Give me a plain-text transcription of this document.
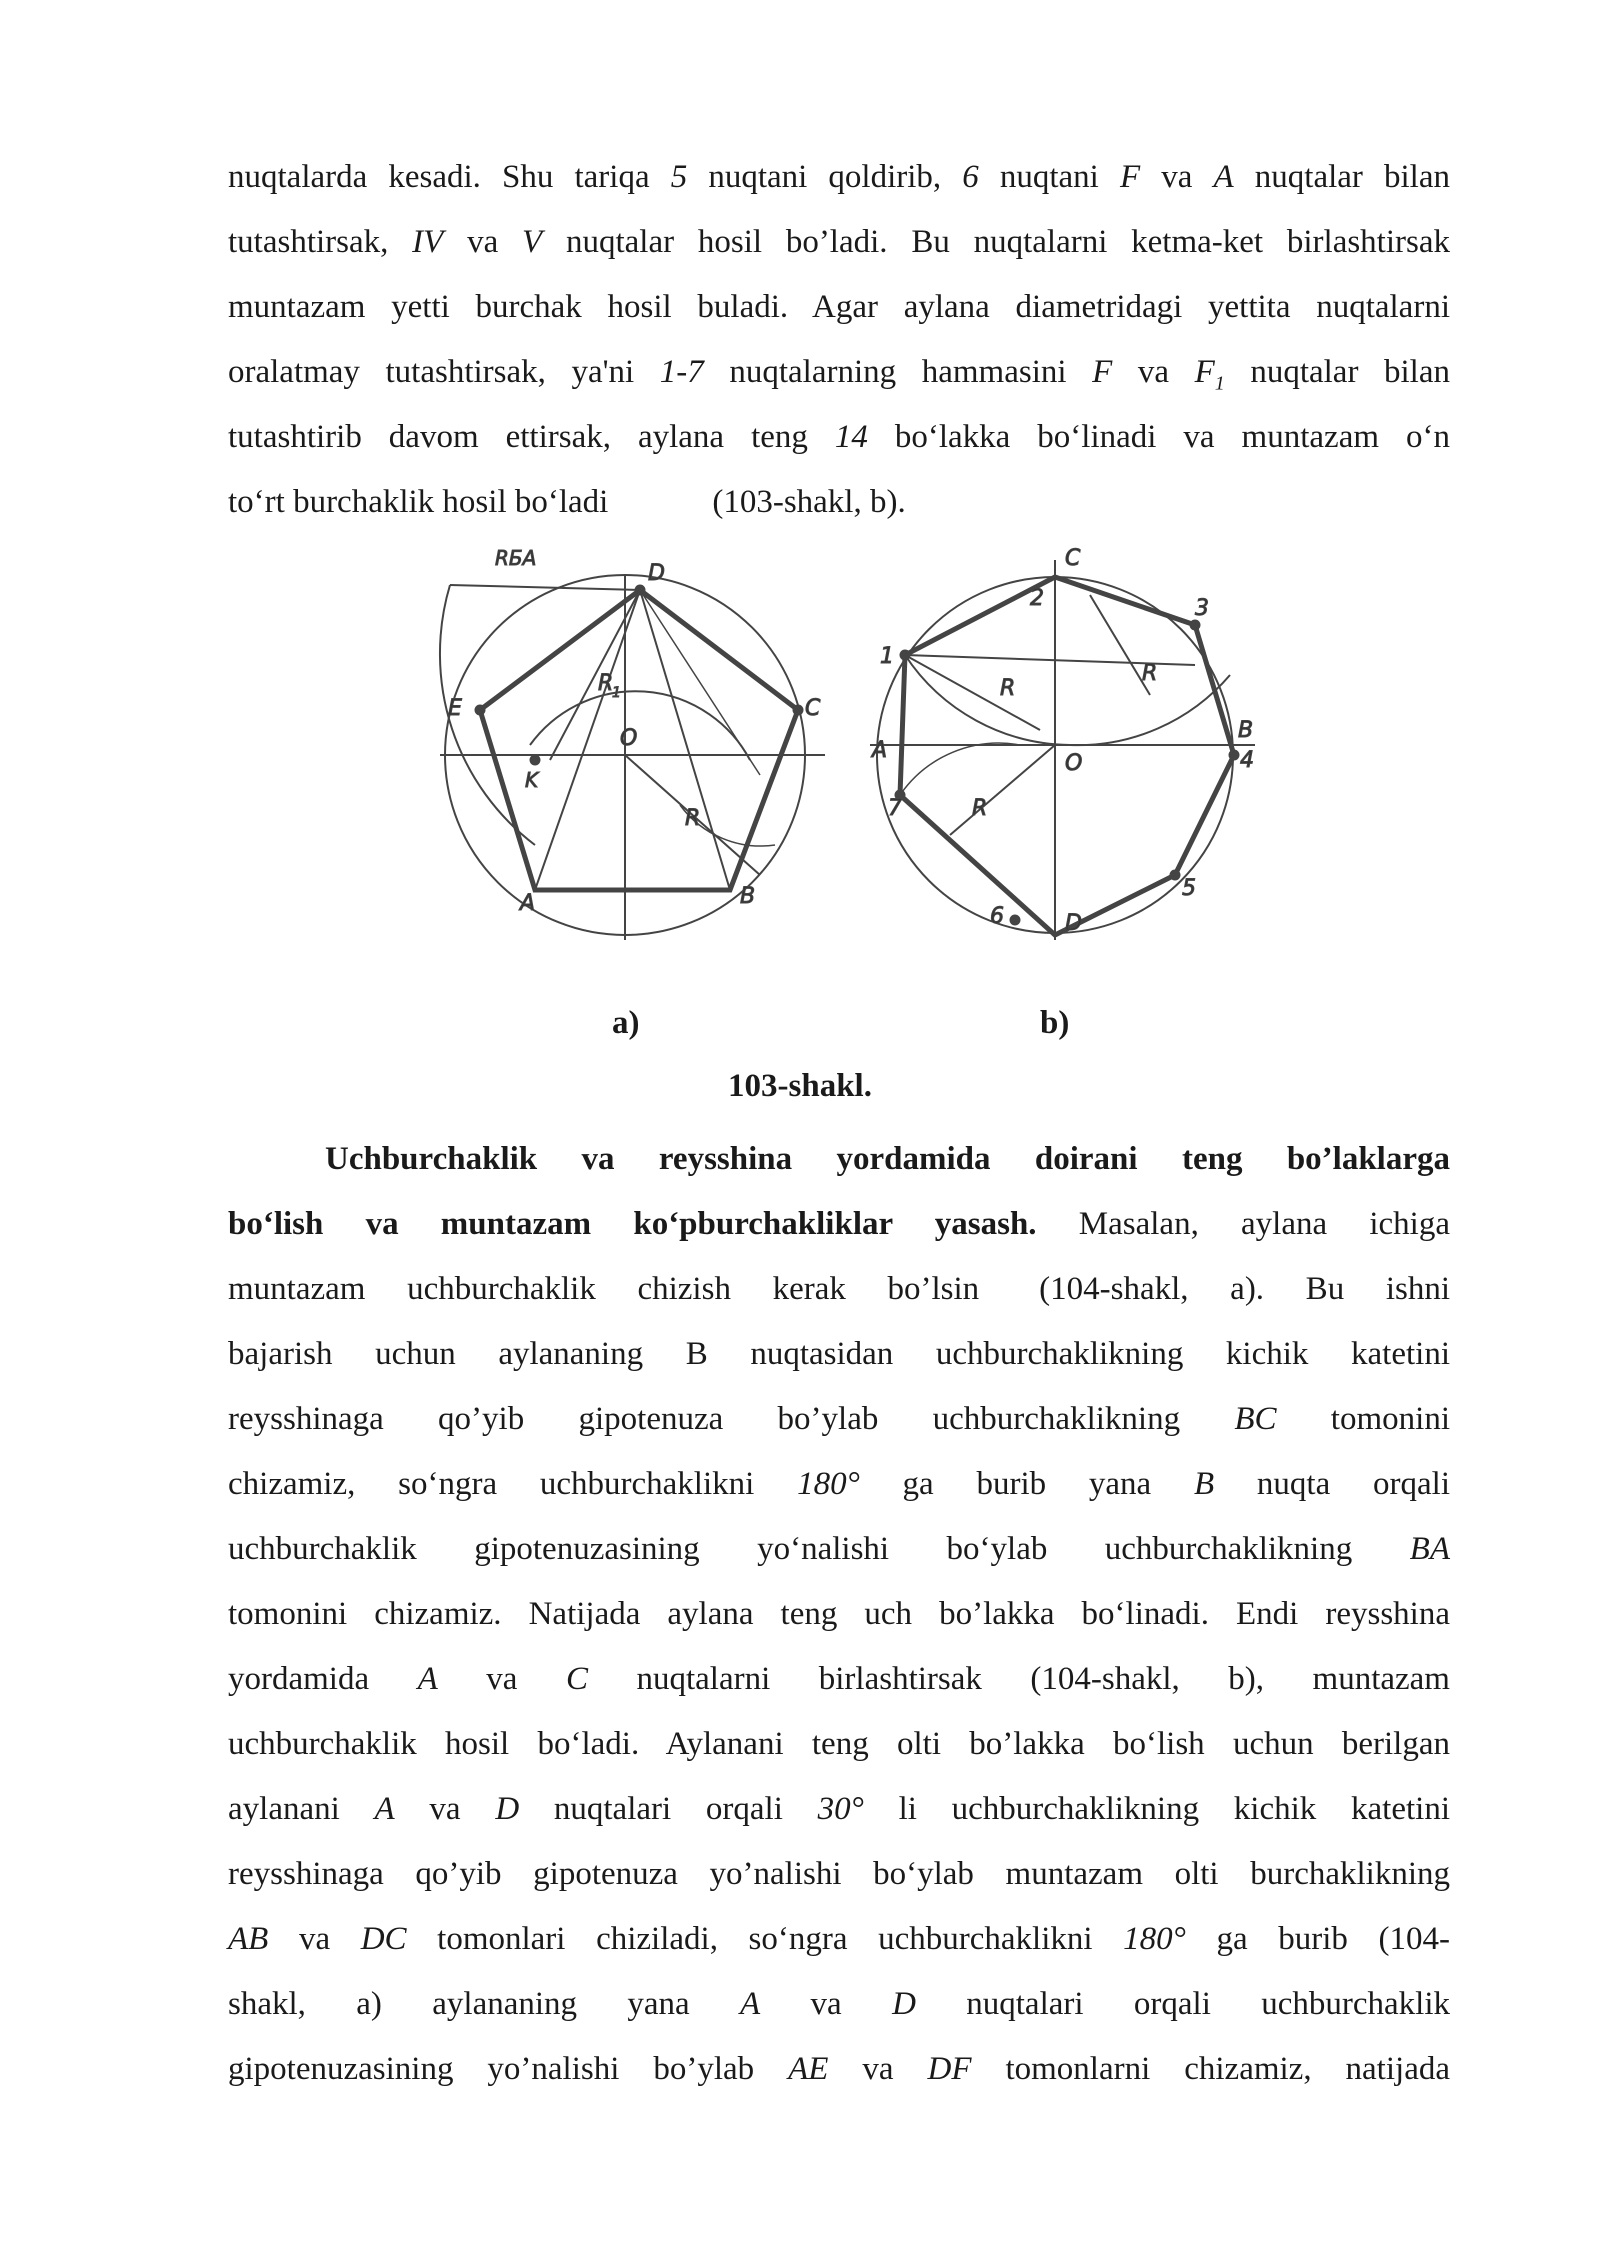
nuqtalarda kesadi. Shu tariqa 5 nuqtani qoldirib, 6 nuqtani F va A nuqtalar bilan
tutashtirsak, IV va V nuqtalar hosil bo’ladi. Bu nuqtalarni ketma-ket birlashtirsak
muntazam yetti burchak hosil buladi. Agar aylana diametridagi yettita nuqtalarni
oralatmay tutashtirsak, ya'ni 1-7 nuqtalarning hammasini F va $F_1$ nuqtalar bilan
tutashtirib davom ettirsak, aylana teng 14 bo‘lakka bo‘linadi va muntazam o‘n
to‘rt burchaklik hosil bo‘ladi	(103-shakl, b).
RБА
D
E	C
R
1
O
K
R
A	B
C
2	3
1
R
R
B
A	4
O
7	R
5
6	D
a)	b)
103-shakl.
Uchburchaklik va reysshina yordamida doirani teng bo’laklarga
bo‘lish va muntazam ko‘pburchakliklar yasash. Masalan, aylana ichiga
muntazam uchburchaklik chizish kerak bo’lsin (104-shakl, a). Bu ishni
bajarish uchun aylananing B nuqtasidan uchburchaklikning kichik katetini
reysshinaga qo’yib gipotenuza bo’ylab uchburchaklikning BC tomonini
chizamiz, so‘ngra uchburchaklikni 180° ga burib yana B nuqta orqali
uchburchaklik gipotenuzasining yo‘nalishi bo‘ylab uchburchaklikning BA
tomonini chizamiz. Natijada aylana teng uch bo’lakka bo‘linadi. Endi reysshina
yordamida A va C nuqtalarni birlashtirsak (104-shakl, b), muntazam
uchburchaklik hosil bo‘ladi. Aylanani teng olti bo’lakka bo‘lish uchun berilgan
aylanani A va D nuqtalari orqali 30° li uchburchaklikning kichik katetini
reysshinaga qo’yib gipotenuza yo’nalishi bo‘ylab muntazam olti burchaklikning
AB va DC tomonlari chiziladi, so‘ngra uchburchaklikni 180° ga burib (104-
shakl, a) aylananing yana A va D nuqtalari orqali uchburchaklik
gipotenuzasining yo’nalishi bo’ylab AE va DF tomonlarni chizamiz, natijada
